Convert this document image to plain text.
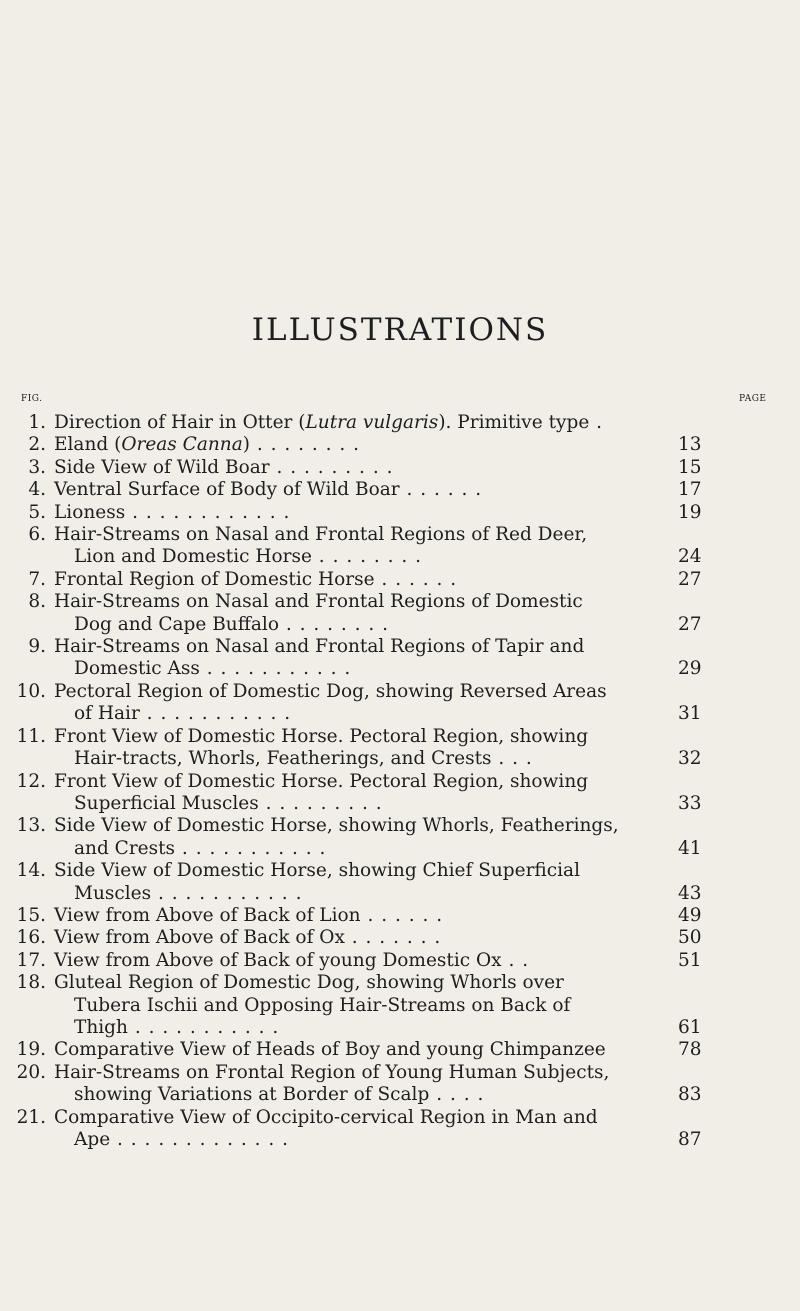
ILLUSTRATIONS
FIG.	PAGE
1. Direction of Hair in Otter (Lutra vulgaris). Primitive type .
2. Eland (Oreas Canna) . . . . . . . .	13
3. Side View of Wild Boar . . . . . . . . .	15
4. Ventral Surface of Body of Wild Boar . . . . . .	17
5. Lioness . . . . . . . . . . . .	19
6. Hair-Streams on Nasal and Frontal Regions of Red Deer,
Lion and Domestic Horse . . . . . . . .	24
7. Frontal Region of Domestic Horse . . . . . .	27
8. Hair-Streams on Nasal and Frontal Regions of Domestic
Dog and Cape Buffalo . . . . . . . .	27
9. Hair-Streams on Nasal and Frontal Regions of Tapir and
Domestic Ass . . . . . . . . . . .	29
10. Pectoral Region of Domestic Dog, showing Reversed Areas
of Hair . . . . . . . . . . .	31
11. Front View of Domestic Horse. Pectoral Region, showing
Hair-tracts, Whorls, Featherings, and Crests . . .	32
12. Front View of Domestic Horse. Pectoral Region, showing
Superficial Muscles . . . . . . . . .	33
13. Side View of Domestic Horse, showing Whorls, Featherings,
and Crests . . . . . . . . . . .	41
14. Side View of Domestic Horse, showing Chief Superficial
Muscles . . . . . . . . . . .	43
15. View from Above of Back of Lion . . . . . .	49
16. View from Above of Back of Ox . . . . . . .	50
17. View from Above of Back of young Domestic Ox . .	51
18. Gluteal Region of Domestic Dog, showing Whorls over
Tubera Ischii and Opposing Hair-Streams on Back of
Thigh . . . . . . . . . . .	61
19. Comparative View of Heads of Boy and young Chimpanzee	78
20. Hair-Streams on Frontal Region of Young Human Subjects,
showing Variations at Border of Scalp . . . .	83
21. Comparative View of Occipito-cervical Region in Man and
Ape . . . . . . . . . . . . .	87
